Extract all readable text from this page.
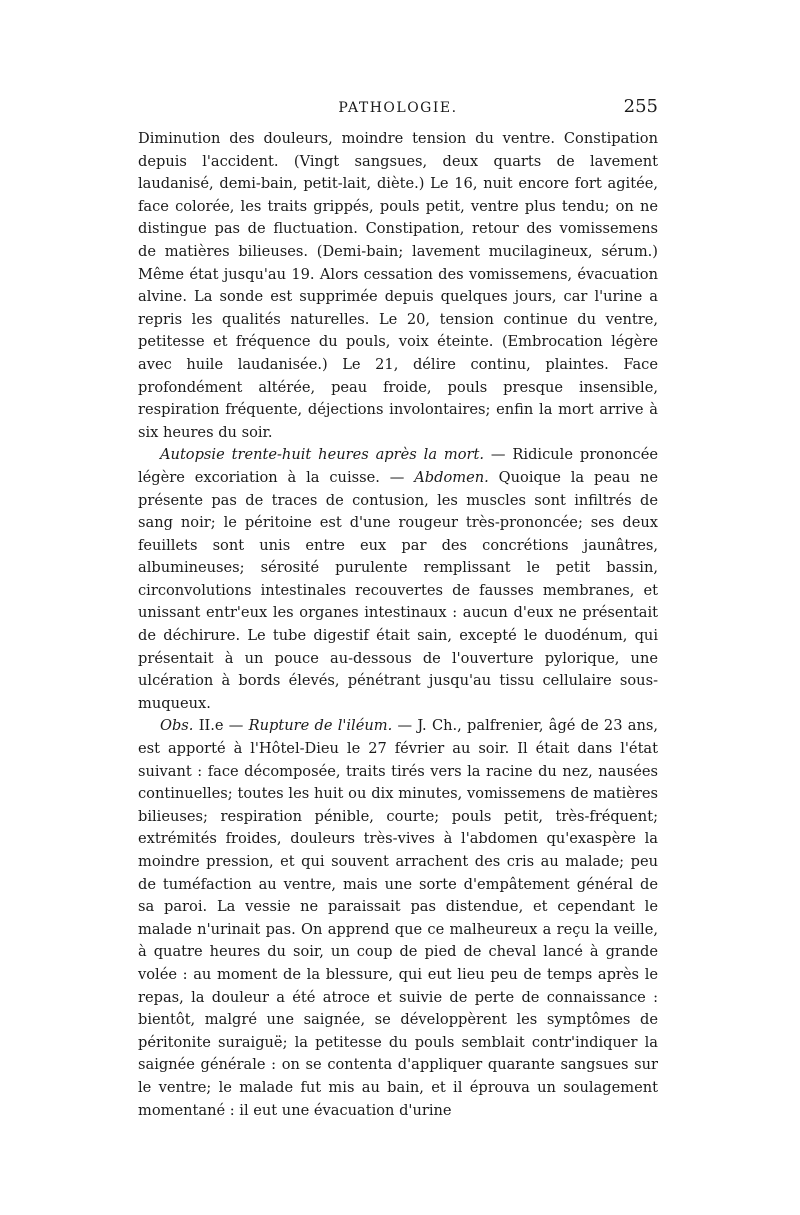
PATHOLOGIE.	255

Diminution des douleurs, moindre tension du ventre. Constipation depuis l'accident. (Vingt sangsues, deux quarts de lavement laudanisé, demi-bain, petit-lait, diète.) Le 16, nuit encore fort agitée, face colorée, les traits grippés, pouls petit, ventre plus tendu; on ne distingue pas de fluctuation. Constipation, retour des vomissemens de matières bilieuses. (Demi-bain; lavement mucilagineux, sérum.) Même état jusqu'au 19. Alors cessation des vomissemens, évacuation alvine. La sonde est supprimée depuis quelques jours, car l'urine a repris les qualités naturelles. Le 20, tension continue du ventre, petitesse et fréquence du pouls, voix éteinte. (Embrocation légère avec huile laudanisée.) Le 21, délire continu, plaintes. Face profondément altérée, peau froide, pouls presque insensible, respiration fréquente, déjections involontaires; enfin la mort arrive à six heures du soir.

Autopsie trente-huit heures après la mort. — Ridicule prononcée légère excoriation à la cuisse. — Abdomen. Quoique la peau ne présente pas de traces de contusion, les muscles sont infiltrés de sang noir; le péritoine est d'une rougeur très-prononcée; ses deux feuillets sont unis entre eux par des concrétions jaunâtres, albumineuses; sérosité purulente remplissant le petit bassin, circonvolutions intestinales recouvertes de fausses membranes, et unissant entr'eux les organes intestinaux : aucun d'eux ne présentait de déchirure. Le tube digestif était sain, excepté le duodénum, qui présentait à un pouce au-dessous de l'ouverture pylorique, une ulcération à bords élevés, pénétrant jusqu'au tissu cellulaire sous-muqueux.

Obs. II.e — Rupture de l'iléum. — J. Ch., palfrenier, âgé de 23 ans, est apporté à l'Hôtel-Dieu le 27 février au soir. Il était dans l'état suivant : face décomposée, traits tirés vers la racine du nez, nausées continuelles; toutes les huit ou dix minutes, vomissemens de matières bilieuses; respiration pénible, courte; pouls petit, très-fréquent; extrémités froides, douleurs très-vives à l'abdomen qu'exaspère la moindre pression, et qui souvent arrachent des cris au malade; peu de tuméfaction au ventre, mais une sorte d'empâtement général de sa paroi. La vessie ne paraissait pas distendue, et cependant le malade n'urinait pas. On apprend que ce malheureux a reçu la veille, à quatre heures du soir, un coup de pied de cheval lancé à grande volée : au moment de la blessure, qui eut lieu peu de temps après le repas, la douleur a été atroce et suivie de perte de connaissance : bientôt, malgré une saignée, se développèrent les symptômes de péritonite suraiguë; la petitesse du pouls semblait contr'indiquer la saignée générale : on se contenta d'appliquer quarante sangsues sur le ventre; le malade fut mis au bain, et il éprouva un soulagement momentané : il eut une évacuation d'urine
